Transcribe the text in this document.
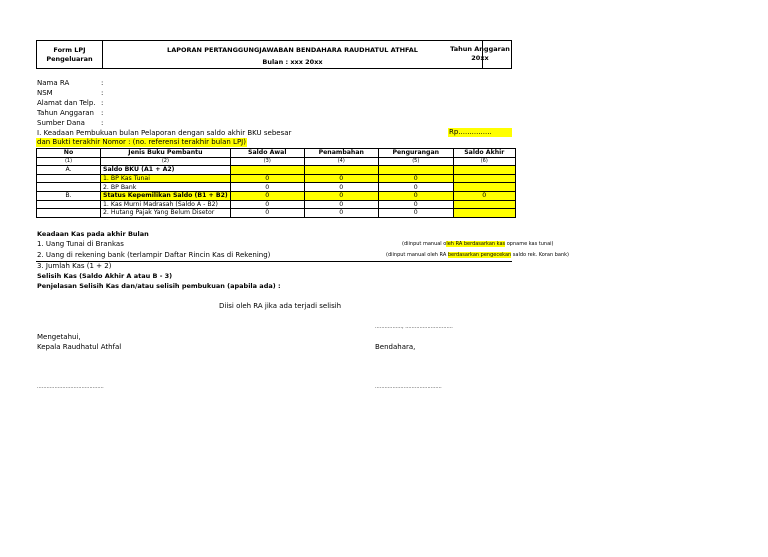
Form LPJ
Pengeluaran
LAPORAN PERTANGGUNGJAWABAN BENDAHARA RAUDHATUL ATHFAL
Bulan : xxx 20xx
Tahun Anggaran
20xx
Nama RA	:
NSM	:
Alamat dan Telp. :
Tahun Anggaran :
Sumber Dana :
I. Keadaan Pembukuan bulan Pelaporan dengan saldo akhir BKU sebesar	Rp...............
dan Bukti terakhir Nomor : (no. referensi terakhir bulan LPJ)
No	Jenis Buku Pembantu	Saldo Awal	Penambahan	Pengurangan	Saldo Akhir
(1)	(2)	(3)	(4)	(5)	(6)
A.	Saldo BKU (A1 + A2)				
	1. BP Kas Tunai	0	0	0	
	2. BP Bank	0	0	0	
B.	Status Kepemilikan Saldo (B1 + B2)	0	0	0	0
	1. Kas Murni Madrasah (Saldo A - B2)	0	0	0	
	2. Hutang Pajak Yang Belum Disetor	0	0	0	
Keadaan Kas pada akhir Bulan
1. Uang Tunai di Brankas	(diinput manual oleh RA berdasarkan kas opname kas tunai)
2. Uang di rekening bank (terlampir Daftar Rincin Kas di Rekening)	(diinput manual oleh RA berdasarkan pengecekan saldo rek. Koran bank)
3. Jumlah Kas (1 + 2)
Selisih Kas (Saldo Akhir A atau B - 3)
Penjelasan Selisih Kas dan/atau selisih pembukuan (apabila ada) :
Diisi oleh RA jika ada terjadi selisih
................., ..............................
Mengetahui,
Kepala Raudhatul Athfal	Bendahara,
..........................................	..........................................
